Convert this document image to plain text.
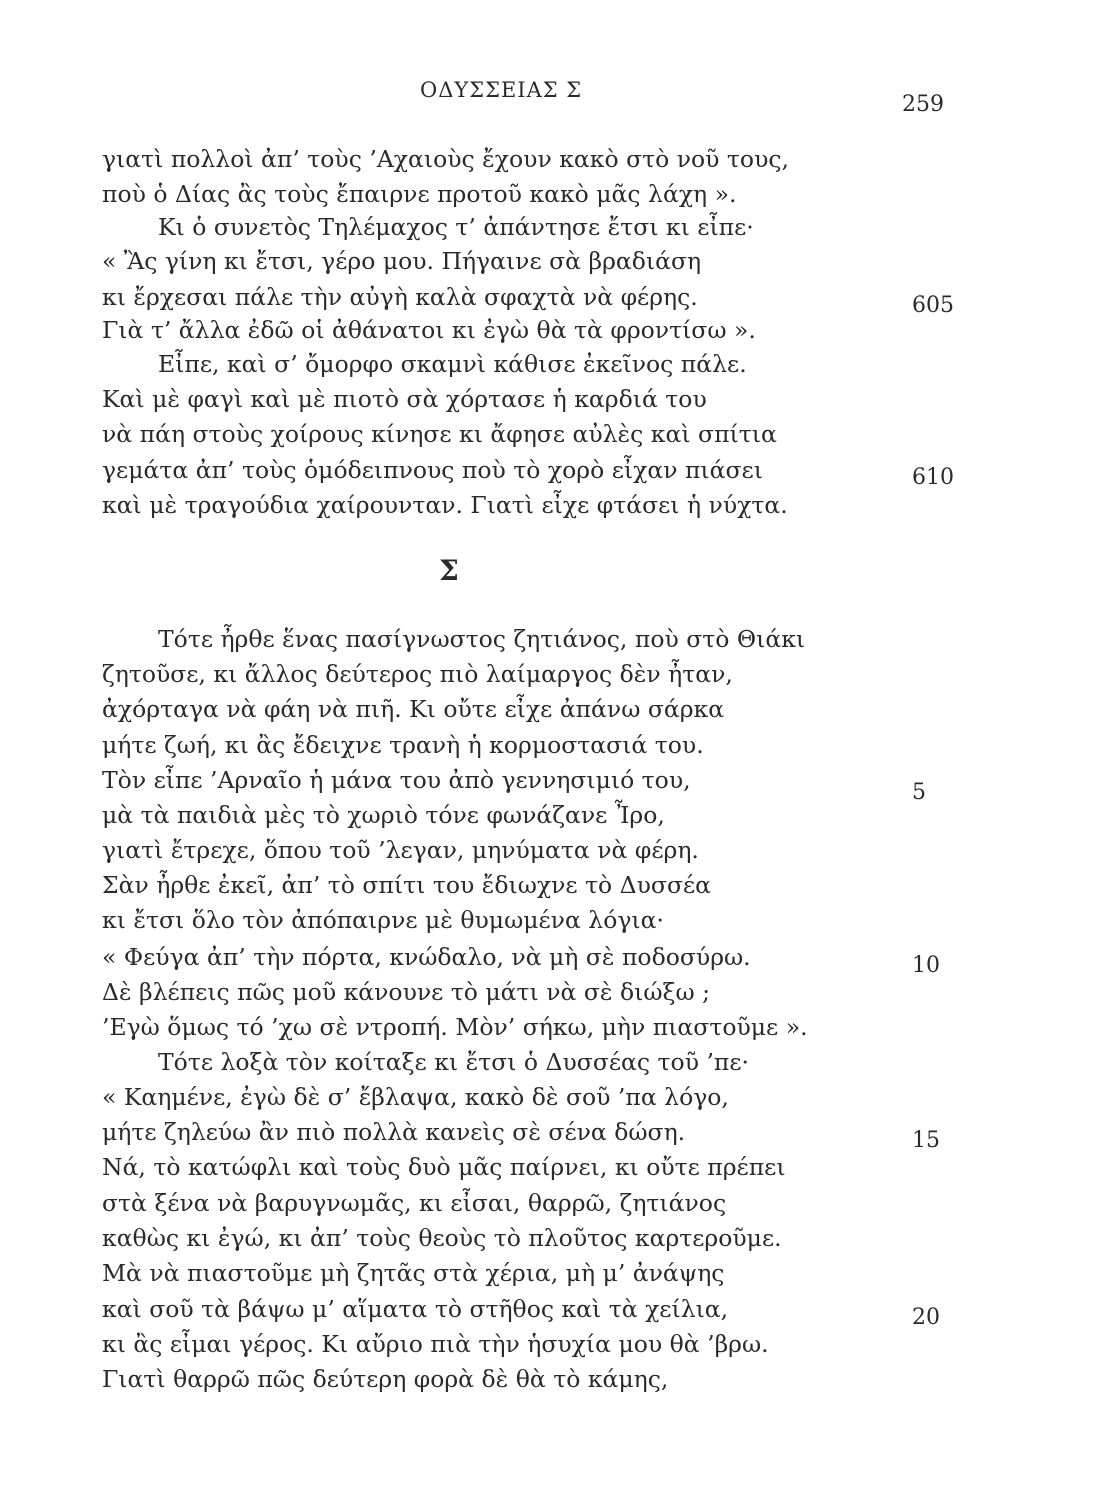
ΟΔΥΣΣΕΙΑΣ Σ
259
γιατὶ πολλοὶ ἀπ’ τοὺς ’Αχαιοὺς ἔχουν κακὸ στὸ νοῦ τους,
ποὺ ὁ Δίας ἂς τοὺς ἔπαιρνε προτοῦ κακὸ μᾶς λάχη ».
Κι ὁ συνετὸς Τηλέμαχος τ’ ἀπάντησε ἔτσι κι εἶπε·
« Ἂς γίνη κι ἔτσι, γέρο μου. Πήγαινε σὰ βραδιάση
κι ἔρχεσαι πάλε τὴν αὐγὴ καλὰ σφαχτὰ νὰ φέρης.	605
Γιὰ τ’ ἄλλα ἐδῶ οἱ ἀθάνατοι κι ἐγὼ θὰ τὰ φροντίσω ».
Εἶπε, καὶ σ’ ὄμορφο σκαμνὶ κάθισε ἐκεῖνος πάλε.
Καὶ μὲ φαγὶ καὶ μὲ πιοτὸ σὰ χόρτασε ἡ καρδιά του
νὰ πάη στοὺς χοίρους κίνησε κι ἄφησε αὐλὲς καὶ σπίτια
γεμάτα ἀπ’ τοὺς ὁμόδειπνους ποὺ τὸ χορὸ εἶχαν πιάσει	610
καὶ μὲ τραγούδια χαίρουνταν. Γιατὶ εἶχε φτάσει ἡ νύχτα.
Σ
Τότε ἦρθε ἕνας πασίγνωστος ζητιάνος, ποὺ στὸ Θιάκι
ζητοῦσε, κι ἄλλος δεύτερος πιὸ λαίμαργος δὲν ἦταν,
ἀχόρταγα νὰ φάη νὰ πιῆ. Κι οὔτε εἶχε ἀπάνω σάρκα
μήτε ζωή, κι ἂς ἔδειχνε τρανὴ ἡ κορμοστασιά του.
Τὸν εἶπε ’Αρναῖο ἡ μάνα του ἀπὸ γεννησιμιό του,	5
μὰ τὰ παιδιὰ μὲς τὸ χωριὸ τόνε φωνάζανε Ἶρο,
γιατὶ ἔτρεχε, ὅπου τοῦ ’λεγαν, μηνύματα νὰ φέρη.
Σὰν ἦρθε ἐκεῖ, ἀπ’ τὸ σπίτι του ἔδιωχνε τὸ Δυσσέα
κι ἔτσι ὅλο τὸν ἀπόπαιρνε μὲ θυμωμένα λόγια·
« Φεύγα ἀπ’ τὴν πόρτα, κνώδαλο, νὰ μὴ σὲ ποδοσύρω.	10
Δὲ βλέπεις πῶς μοῦ κάνουνε τὸ μάτι νὰ σὲ διώξω ;
’Εγὼ ὅμως τό ’χω σὲ ντροπή. Μὸν’ σήκω, μὴν πιαστοῦμε ».
Τότε λοξὰ τὸν κοίταξε κι ἔτσι ὁ Δυσσέας τοῦ ’πε·
« Καημένε, ἐγὼ δὲ σ’ ἔβλαψα, κακὸ δὲ σοῦ ’πα λόγο,
μήτε ζηλεύω ἂν πιὸ πολλὰ κανεὶς σὲ σένα δώση.	15
Νά, τὸ κατώφλι καὶ τοὺς δυὸ μᾶς παίρνει, κι οὔτε πρέπει
στὰ ξένα νὰ βαρυγνωμᾶς, κι εἶσαι, θαρρῶ, ζητιάνος
καθὼς κι ἐγώ, κι ἀπ’ τοὺς θεοὺς τὸ πλοῦτος καρτεροῦμε.
Μὰ νὰ πιαστοῦμε μὴ ζητᾶς στὰ χέρια, μὴ μ’ ἀνάψης
καὶ σοῦ τὰ βάψω μ’ αἵματα τὸ στῆθος καὶ τὰ χείλια,	20
κι ἂς εἶμαι γέρος. Κι αὔριο πιὰ τὴν ἡσυχία μου θὰ ’βρω.
Γιατὶ θαρρῶ πῶς δεύτερη φορὰ δὲ θὰ τὸ κάμης,
